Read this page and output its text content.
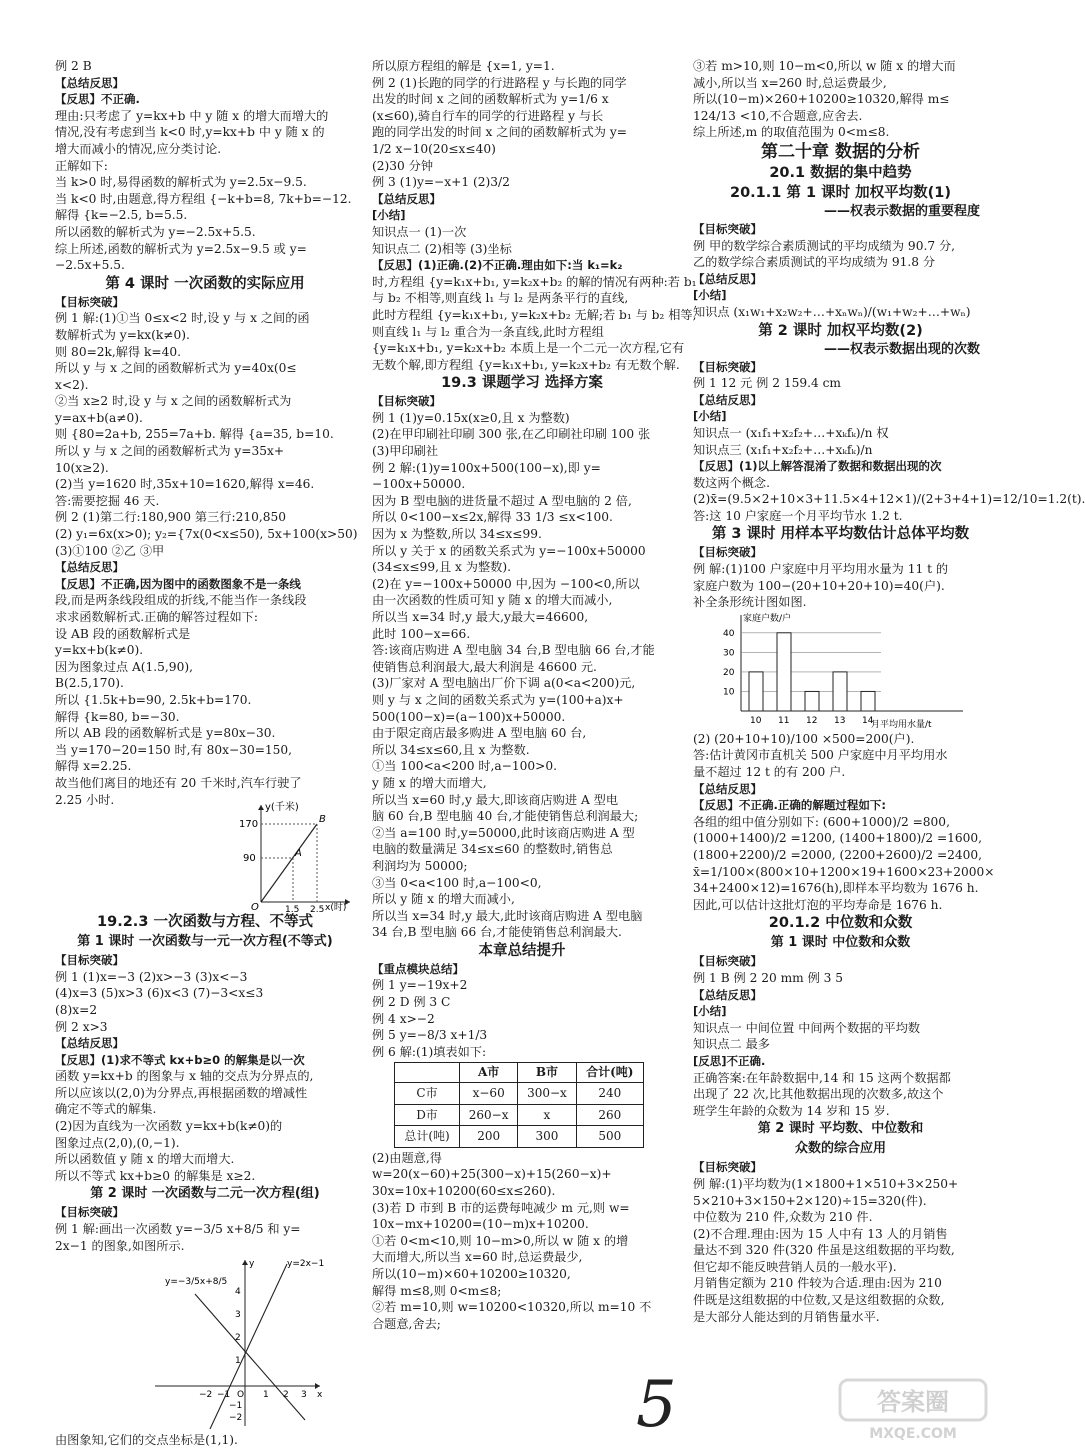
例 2 B
【总结反思】
【反思】不正确.
理由:只考虑了 y=kx+b 中 y 随 x 的增大而增大的
情况,没有考虑到当 k<0 时,y=kx+b 中 y 随 x 的
增大而减小的情况,应分类讨论.
正解如下:
当 k>0 时,易得函数的解析式为 y=2.5x−9.5.
当 k<0 时,由题意,得方程组 {−k+b=8, 7k+b=−12.
解得 {k=−2.5, b=5.5.
所以函数的解析式为 y=−2.5x+5.5.
综上所述,函数的解析式为 y=2.5x−9.5 或 y=
−2.5x+5.5.
第 4 课时 一次函数的实际应用
【目标突破】
例 1 解:(1)①当 0≤x<2 时,设 y 与 x 之间的函
数解析式为 y=kx(k≠0).
则 80=2k,解得 k=40.
所以 y 与 x 之间的函数解析式为 y=40x(0≤
x<2).
②当 x≥2 时,设 y 与 x 之间的函数解析式为
y=ax+b(a≠0).
则 {80=2a+b, 255=7a+b. 解得 {a=35, b=10.
所以 y 与 x 之间的函数解析式为 y=35x+
10(x≥2).
(2)当 y=1620 时,35x+10=1620,解得 x=46.
答:需要挖掘 46 天.
例 2 (1)第二行:180,900 第三行:210,850
(2) y₁=6x(x>0); y₂={7x(0<x≤50), 5x+100(x>50)
(3)①100 ②乙 ③甲
【总结反思】
【反思】不正确,因为图中的函数图象不是一条线
段,而是两条线段组成的折线,不能当作一条线段
求求函数解析式.正确的解答过程如下:
设 AB 段的函数解析式是
y=kx+b(k≠0).
因为图象过点 A(1.5,90),
B(2.5,170).
所以 {1.5k+b=90, 2.5k+b=170.
解得 {k=80, b=−30.
所以 AB 段的函数解析式是 y=80x−30.
当 y=170−20=150 时,有 80x−30=150,
解得 x=2.25.
故当他们离目的地还有 20 千米时,汽车行驶了
2.25 小时.
y(千米)
x(时)
170
90
1.5 2.5
O
A
B
19.2.3 一次函数与方程、不等式
第 1 课时 一次函数与一元一次方程(不等式)
【目标突破】
例 1 (1)x=−3 (2)x>−3 (3)x<−3
(4)x=3 (5)x>3 (6)x<3 (7)−3<x≤3
(8)x=2
例 2 x>3
【总结反思】
【反思】(1)求不等式 kx+b≥0 的解集是以一次
函数 y=kx+b 的图象与 x 轴的交点为分界点的,
所以应该以(2,0)为分界点,再根据函数的增减性
确定不等式的解集.
(2)因为直线为一次函数 y=kx+b(k≠0)的
图象过点(2,0),(0,−1).
所以函数值 y 随 x 的增大而增大.
所以不等式 kx+b≥0 的解集是 x≥2.
第 2 课时 一次函数与二元一次方程(组)
【目标突破】
例 1 解:画出一次函数 y=−3/5 x+8/5 和 y=
2x−1 的图象,如图所示.
y=−3/5x+8/5
y=2x−1
−2 −1 O 1 2 3 x
4
3
2
1
−1
−2
y
由图象知,它们的交点坐标是(1,1).
所以原方程组的解是 {x=1, y=1.
例 2 (1)长跑的同学的行进路程 y 与长跑的同学
出发的时间 x 之间的函数解析式为 y=1/6 x
(x≤60),骑自行车的同学的行进路程 y 与长
跑的同学出发的时间 x 之间的函数解析式为 y=
1/2 x−10(20≤x≤40)
(2)30 分钟
例 3 (1)y=−x+1 (2)3/2
【总结反思】
[小结]
知识点一 (1)一次
知识点二 (2)相等 (3)坐标
【反思】(1)正确.(2)不正确.理由如下:当 k₁=k₂
时,方程组 {y=k₁x+b₁, y=k₂x+b₂ 的解的情况有两种:若 b₁
与 b₂ 不相等,则直线 l₁ 与 l₂ 是两条平行的直线,
此时方程组 {y=k₁x+b₁, y=k₂x+b₂ 无解;若 b₁ 与 b₂ 相等,
则直线 l₁ 与 l₂ 重合为一条直线,此时方程组
{y=k₁x+b₁, y=k₂x+b₂ 本质上是一个二元一次方程,它有
无数个解,即方程组 {y=k₁x+b₁, y=k₂x+b₂ 有无数个解.
19.3 课题学习 选择方案
【目标突破】
例 1 (1)y=0.15x(x≥0,且 x 为整数)
(2)在甲印刷社印刷 300 张,在乙印刷社印刷 100 张
(3)甲印刷社
例 2 解:(1)y=100x+500(100−x),即 y=
−100x+50000.
因为 B 型电脑的进货量不超过 A 型电脑的 2 倍,
所以 0<100−x≤2x,解得 33 1/3 ≤x<100.
因为 x 为整数,所以 34≤x≤99.
所以 y 关于 x 的函数关系式为 y=−100x+50000
(34≤x≤99,且 x 为整数).
(2)在 y=−100x+50000 中,因为 −100<0,所以
由一次函数的性质可知 y 随 x 的增大而减小,
所以当 x=34 时,y 最大,y最大=46600,
此时 100−x=66.
答:该商店购进 A 型电脑 34 台,B 型电脑 66 台,才能
使销售总利润最大,最大利润是 46600 元.
(3)厂家对 A 型电脑出厂价下调 a(0<a<200)元,
则 y 与 x 之间的函数关系式为 y=(100+a)x+
500(100−x)=(a−100)x+50000.
由于限定商店最多购进 A 型电脑 60 台,
所以 34≤x≤60,且 x 为整数.
①当 100<a<200 时,a−100>0.
y 随 x 的增大而增大,
所以当 x=60 时,y 最大,即该商店购进 A 型电
脑 60 台,B 型电脑 40 台,才能使销售总利润最大;
②当 a=100 时,y=50000,此时该商店购进 A 型
电脑的数量满足 34≤x≤60 的整数时,销售总
利润均为 50000;
③当 0<a<100 时,a−100<0,
所以 y 随 x 的增大而减小,
所以当 x=34 时,y 最大,此时该商店购进 A 型电脑
34 台,B 型电脑 66 台,才能使销售总利润最大.
本章总结提升
【重点模块总结】
例 1 y=−19x+2
例 2 D 例 3 C
例 4 x>−2
例 5 y=−8/3 x+1/3
例 6 解:(1)填表如下:
	A市	B市	合计(吨)
C市	x−60	300−x	240
D市	260−x	x	260
总计(吨)	200	300	500
(2)由题意,得
w=20(x−60)+25(300−x)+15(260−x)+
30x=10x+10200(60≤x≤260).
(3)若 D 市到 B 市的运费每吨减少 m 元,则 w=
10x−mx+10200=(10−m)x+10200.
①若 0<m<10,则 10−m>0,所以 w 随 x 的增
大而增大,所以当 x=60 时,总运费最少,
所以(10−m)×60+10200≥10320,
解得 m≤8,则 0<m≤8;
②若 m=10,则 w=10200<10320,所以 m=10 不
合题意,舍去;
③若 m>10,则 10−m<0,所以 w 随 x 的增大而
减小,所以当 x=260 时,总运费最少,
所以(10−m)×260+10200≥10320,解得 m≤
124/13 <10,不合题意,应舍去.
综上所述,m 的取值范围为 0<m≤8.
第二十章 数据的分析
20.1 数据的集中趋势
20.1.1 第 1 课时 加权平均数(1)
——权表示数据的重要程度
【目标突破】
例 甲的数学综合素质测试的平均成绩为 90.7 分,
乙的数学综合素质测试的平均成绩为 91.8 分
【总结反思】
[小结]
知识点 (x₁w₁+x₂w₂+…+xₙwₙ)/(w₁+w₂+…+wₙ)
第 2 课时 加权平均数(2)
——权表示数据出现的次数
【目标突破】
例 1 12 元 例 2 159.4 cm
【总结反思】
[小结]
知识点一 (x₁f₁+x₂f₂+…+xₖfₖ)/n 权
知识点三 (x₁f₁+x₂f₂+…+xₖfₖ)/n
【反思】(1)以上解答混淆了数据和数据出现的次
数这两个概念.
(2)x̄=(9.5×2+10×3+11.5×4+12×1)/(2+3+4+1)=12/10=1.2(t).
答:这 10 户家庭一个月平均节水 1.2 t.
第 3 课时 用样本平均数估计总体平均数
【目标突破】
例 解:(1)100 户家庭中月平均用水量为 11 t 的
家庭户数为 100−(20+10+20+10)=40(户).
补全条形统计图如图.
家庭户数/户
月平均用水量/t
10
20
30
40
10 11 12 13 14
(2) (20+10+10)/100 ×500=200(户).
答:估计黄冈市直机关 500 户家庭中月平均用水
量不超过 12 t 的有 200 户.
【总结反思】
【反思】不正确.正确的解题过程如下:
各组的组中值分别如下: (600+1000)/2 =800,
(1000+1400)/2 =1200, (1400+1800)/2 =1600,
(1800+2200)/2 =2000, (2200+2600)/2 =2400,
x̄=1/100×(800×10+1200×19+1600×23+2000×
34+2400×12)=1676(h),即样本平均数为 1676 h.
因此,可以估计这批灯泡的平均寿命是 1676 h.
20.1.2 中位数和众数
第 1 课时 中位数和众数
【目标突破】
例 1 B 例 2 20 mm 例 3 5
【总结反思】
[小结]
知识点一 中间位置 中间两个数据的平均数
知识点二 最多
[反思]不正确.
正确答案:在年龄数据中,14 和 15 这两个数据都
出现了 22 次,比其他数据出现的次数多,故这个
班学生年龄的众数为 14 岁和 15 岁.
第 2 课时 平均数、中位数和
众数的综合应用
【目标突破】
例 解:(1)平均数为(1×1800+1×510+3×250+
5×210+3×150+2×120)÷15=320(件).
中位数为 210 件,众数为 210 件.
(2)不合理.理由:因为 15 人中有 13 人的月销售
量达不到 320 件(320 件虽是这组数据的平均数,
但它却不能反映营销人员的一般水平).
月销售定额为 210 件较为合适.理由:因为 210
件既是这组数据的中位数,又是这组数据的众数,
是大部分人能达到的月销售量水平.
5	答案圈
MXQE.COM
